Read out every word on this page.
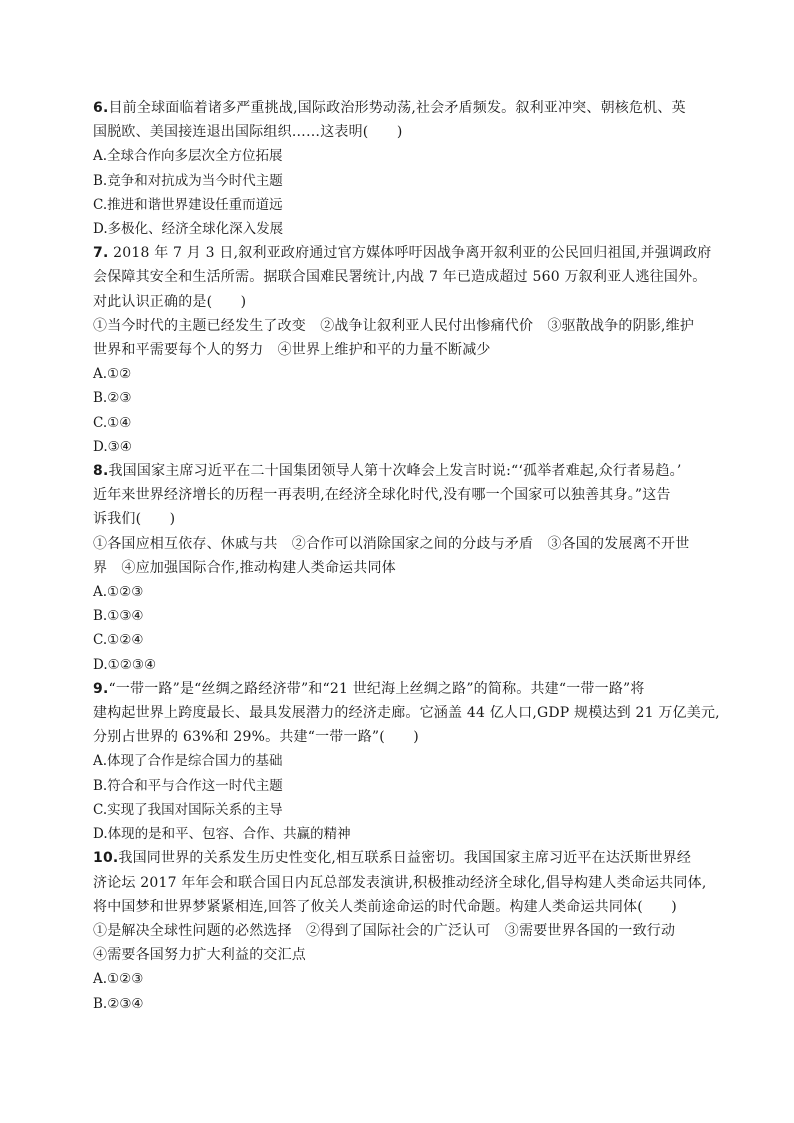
6.目前全球面临着诸多严重挑战,国际政治形势动荡,社会矛盾频发。叙利亚冲突、朝核危机、英
国脱欧、美国接连退出国际组织……这表明(　　)
A.全球合作向多层次全方位拓展
B.竞争和对抗成为当今时代主题
C.推进和谐世界建设任重而道远
D.多极化、经济全球化深入发展
7. 2018 年 7 月 3 日,叙利亚政府通过官方媒体呼吁因战争离开叙利亚的公民回归祖国,并强调政府
会保障其安全和生活所需。据联合国难民署统计,内战 7 年已造成超过 560 万叙利亚人逃往国外。
对此认识正确的是(　　)
①当今时代的主题已经发生了改变　②战争让叙利亚人民付出惨痛代价　③驱散战争的阴影,维护
世界和平需要每个人的努力　④世界上维护和平的力量不断减少
A.①②
B.②③
C.①④
D.③④
8.我国国家主席习近平在二十国集团领导人第十次峰会上发言时说:“‘孤举者难起,众行者易趋。’
近年来世界经济增长的历程一再表明,在经济全球化时代,没有哪一个国家可以独善其身。”这告
诉我们(　　)
①各国应相互依存、休戚与共　②合作可以消除国家之间的分歧与矛盾　③各国的发展离不开世
界　④应加强国际合作,推动构建人类命运共同体
A.①②③
B.①③④
C.①②④
D.①②③④
9.“一带一路”是“丝绸之路经济带”和“21 世纪海上丝绸之路”的简称。共建“一带一路”将
建构起世界上跨度最长、最具发展潜力的经济走廊。它涵盖 44 亿人口,GDP 规模达到 21 万亿美元,
分别占世界的 63%和 29%。共建“一带一路”(　　)
A.体现了合作是综合国力的基础
B.符合和平与合作这一时代主题
C.实现了我国对国际关系的主导
D.体现的是和平、包容、合作、共赢的精神
10.我国同世界的关系发生历史性变化,相互联系日益密切。我国国家主席习近平在达沃斯世界经
济论坛 2017 年年会和联合国日内瓦总部发表演讲,积极推动经济全球化,倡导构建人类命运共同体,
将中国梦和世界梦紧紧相连,回答了攸关人类前途命运的时代命题。构建人类命运共同体(　　)
①是解决全球性问题的必然选择　②得到了国际社会的广泛认可　③需要世界各国的一致行动
④需要各国努力扩大利益的交汇点
A.①②③
B.②③④
